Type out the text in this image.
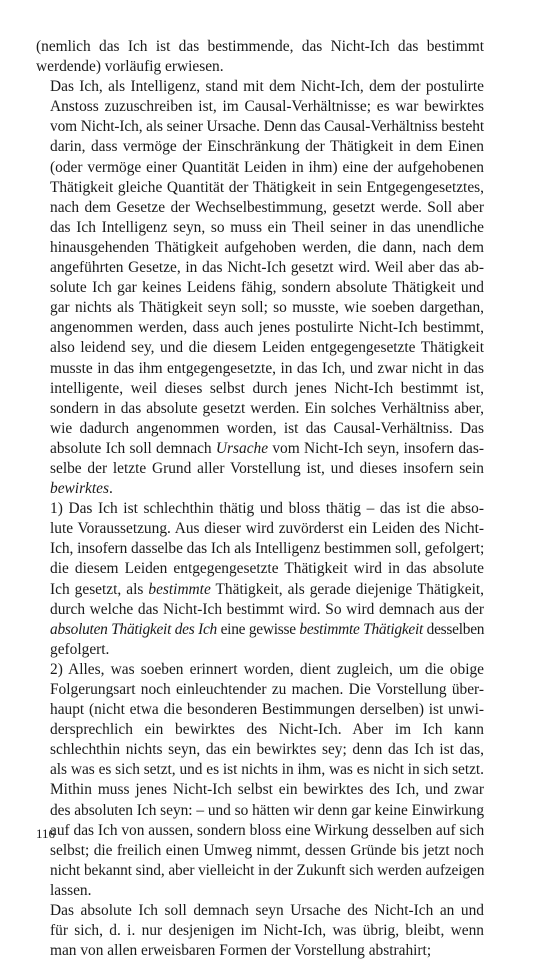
(nemlich das Ich ist das bestimmende, das Nicht-Ich das bestimmt
werdende) vorläufig erwiesen.

Das Ich, als Intelligenz, stand mit dem Nicht-Ich, dem der postulirte
Anstoss zuzuschreiben ist, im Causal-Verhältnisse; es war bewirktes
vom Nicht-Ich, als seiner Ursache. Denn das Causal-Verhältniss besteht
darin, dass vermöge der Einschränkung der Thätigkeit in dem Einen
(oder vermöge einer Quantität Leiden in ihm) eine der aufgehobenen
Thätigkeit gleiche Quantität der Thätigkeit in sein Entgegengesetztes,
nach dem Gesetze der Wechselbestimmung, gesetzt werde. Soll aber
das Ich Intelligenz seyn, so muss ein Theil seiner in das unendliche
hinausgehenden Thätigkeit aufgehoben werden, die dann, nach dem
angeführten Gesetze, in das Nicht-Ich gesetzt wird. Weil aber das ab-
solute Ich gar keines Leidens fähig, sondern absolute Thätigkeit und
gar nichts als Thätigkeit seyn soll; so musste, wie soeben dargethan,
angenommen werden, dass auch jenes postulirte Nicht-Ich bestimmt,
also leidend sey, und die diesem Leiden entgegengesetzte Thätigkeit
musste in das ihm entgegengesetzte, in das Ich, und zwar nicht in das
intelligente, weil dieses selbst durch jenes Nicht-Ich bestimmt ist,
sondern in das absolute gesetzt werden. Ein solches Verhältniss aber,
wie dadurch angenommen worden, ist das Causal-Verhältniss. Das
absolute Ich soll demnach Ursache vom Nicht-Ich seyn, insofern das-
selbe der letzte Grund aller Vorstellung ist, und dieses insofern sein
bewirktes.

1) Das Ich ist schlechthin thätig und bloss thätig – das ist die abso-
lute Voraussetzung. Aus dieser wird zuvörderst ein Leiden des Nicht-
Ich, insofern dasselbe das Ich als Intelligenz bestimmen soll, gefolgert;
die diesem Leiden entgegengesetzte Thätigkeit wird in das absolute
Ich gesetzt, als bestimmte Thätigkeit, als gerade diejenige Thätigkeit,
durch welche das Nicht-Ich bestimmt wird. So wird demnach aus der
absoluten Thätigkeit des Ich eine gewisse bestimmte Thätigkeit desselben
gefolgert.

2) Alles, was soeben erinnert worden, dient zugleich, um die obige
Folgerungsart noch einleuchtender zu machen. Die Vorstellung über-
haupt (nicht etwa die besonderen Bestimmungen derselben) ist unwi-
dersprechlich ein bewirktes des Nicht-Ich. Aber im Ich kann
schlechthin nichts seyn, das ein bewirktes sey; denn das Ich ist das,
als was es sich setzt, und es ist nichts in ihm, was es nicht in sich setzt.
Mithin muss jenes Nicht-Ich selbst ein bewirktes des Ich, und zwar
des absoluten Ich seyn: – und so hätten wir denn gar keine Einwirkung
auf das Ich von aussen, sondern bloss eine Wirkung desselben auf sich
selbst; die freilich einen Umweg nimmt, dessen Gründe bis jetzt noch
nicht bekannt sind, aber vielleicht in der Zukunft sich werden aufzeigen
lassen.

Das absolute Ich soll demnach seyn Ursache des Nicht-Ich an und
für sich, d. i. nur desjenigen im Nicht-Ich, was übrig, bleibt, wenn
man von allen erweisbaren Formen der Vorstellung abstrahirt;

116
